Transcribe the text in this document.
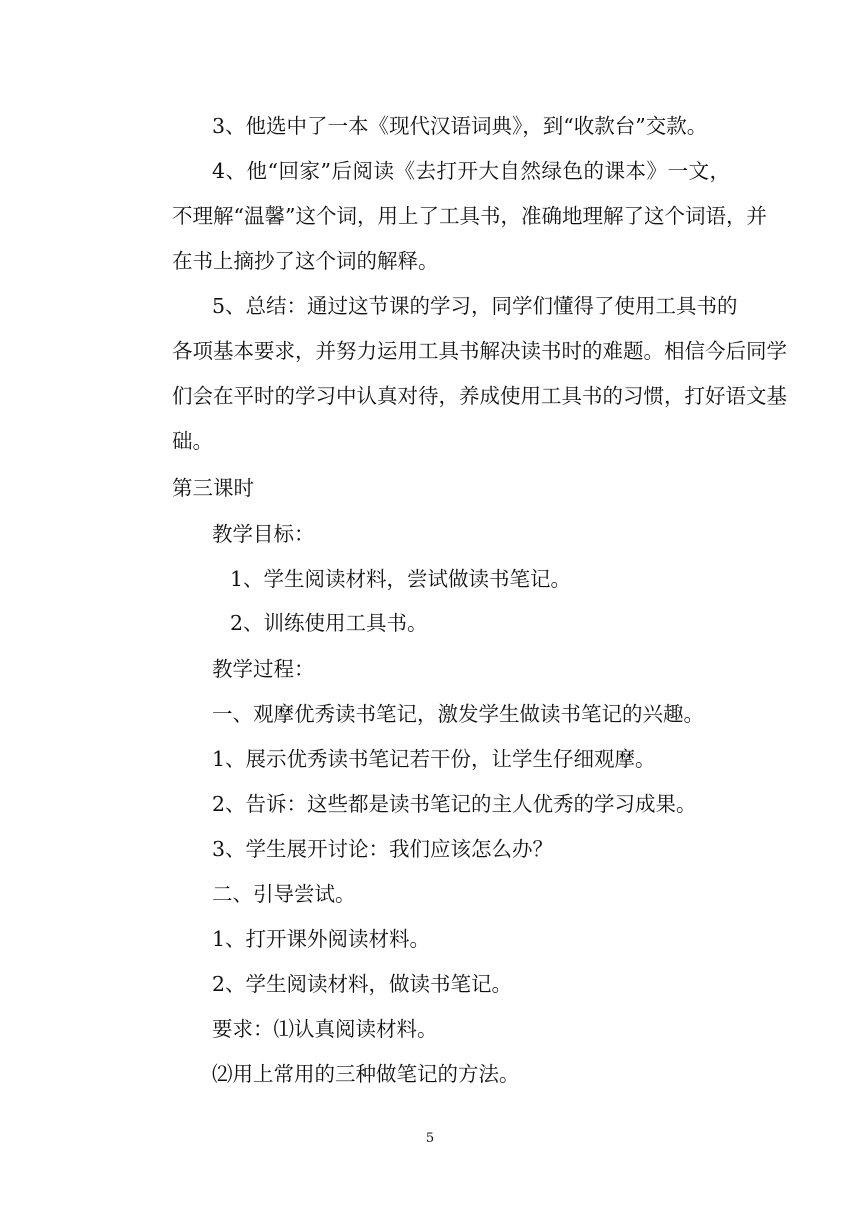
3、他选中了一本《现代汉语词典》，到“收款台”交款。

4、他“回家”后阅读《去打开大自然绿色的课本》一文，

不理解“温馨”这个词，用上了工具书，准确地理解了这个词语，并

在书上摘抄了这个词的解释。

5、总结：通过这节课的学习，同学们懂得了使用工具书的

各项基本要求，并努力运用工具书解决读书时的难题。相信今后同学

们会在平时的学习中认真对待，养成使用工具书的习惯，打好语文基

础。

第三课时

教学目标：

1、学生阅读材料，尝试做读书笔记。

2、训练使用工具书。

教学过程：

一、观摩优秀读书笔记，激发学生做读书笔记的兴趣。

1、展示优秀读书笔记若干份，让学生仔细观摩。

2、告诉：这些都是读书笔记的主人优秀的学习成果。

3、学生展开讨论：我们应该怎么办？

二、引导尝试。

1、打开课外阅读材料。

2、学生阅读材料，做读书笔记。

要求：⑴认真阅读材料。

⑵用上常用的三种做笔记的方法。

5
